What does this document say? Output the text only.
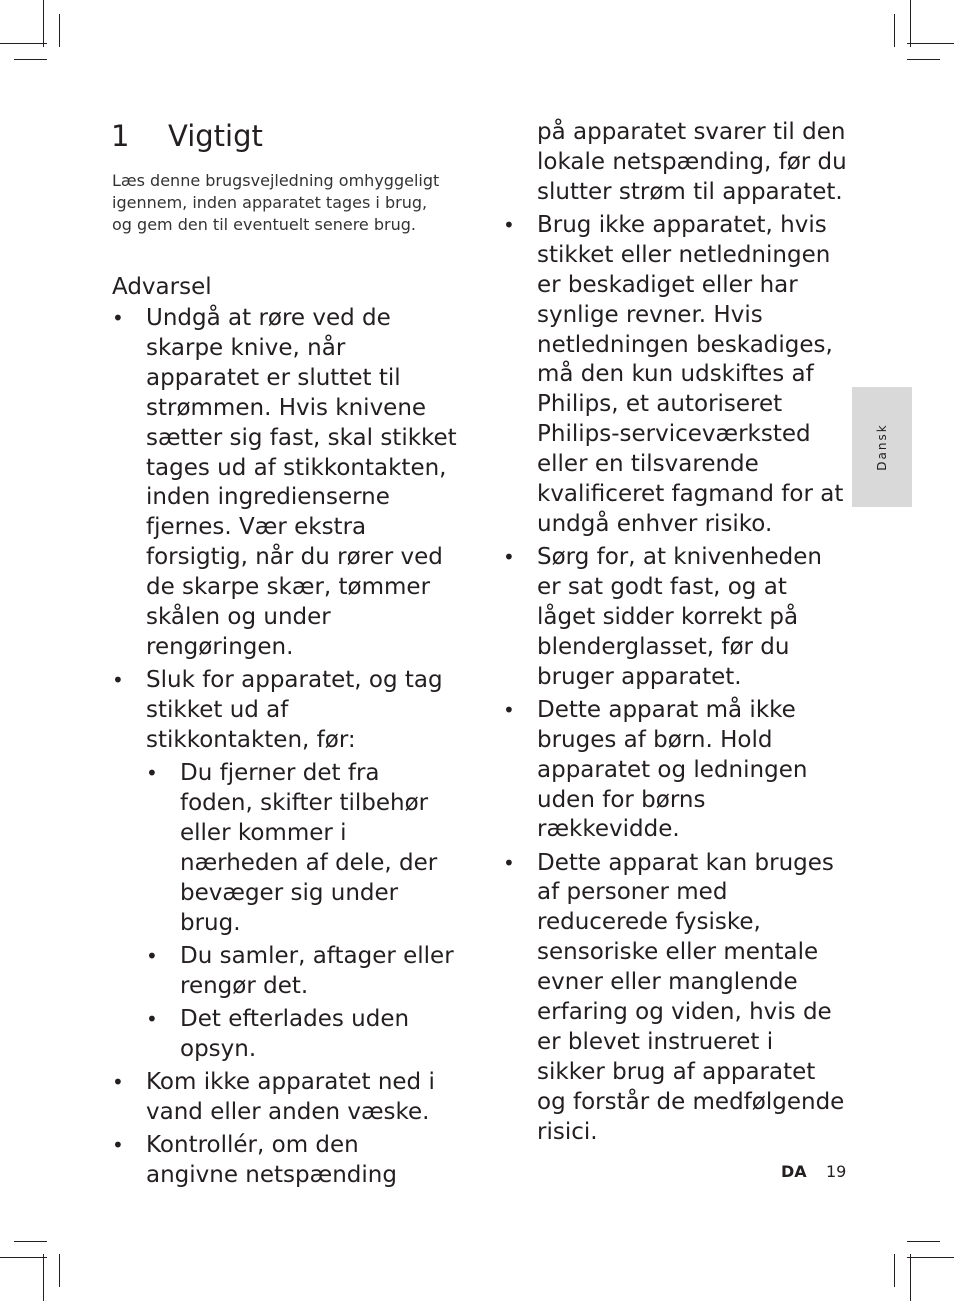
1 Vigtigt
Læs denne brugsvejledning omhyggeligt igennem, inden apparatet tages i brug, og gem den til eventuelt senere brug.
Advarsel
• Undgå at røre ved de skarpe knive, når apparatet er sluttet til strømmen. Hvis knivene sætter sig fast, skal stikket tages ud af stikkontakten, inden ingredienserne fjernes. Vær ekstra forsigtig, når du rører ved de skarpe skær, tømmer skålen og under rengøringen.
• Sluk for apparatet, og tag stikket ud af stikkontakten, før:
• Du fjerner det fra foden, skifter tilbehør eller kommer i nærheden af dele, der bevæger sig under brug.
• Du samler, aftager eller rengør det.
• Det efterlades uden opsyn.
• Kom ikke apparatet ned i vand eller anden væske.
• Kontrollér, om den angivne netspænding
på apparatet svarer til den lokale netspænding, før du slutter strøm til apparatet.
• Brug ikke apparatet, hvis stikket eller netledningen er beskadiget eller har synlige revner. Hvis netledningen beskadiges, må den kun udskiftes af Philips, et autoriseret Philips-serviceværksted eller en tilsvarende kvalificeret fagmand for at undgå enhver risiko.
• Sørg for, at knivenheden er sat godt fast, og at låget sidder korrekt på blenderglasset, før du bruger apparatet.
• Dette apparat må ikke bruges af børn. Hold apparatet og ledningen uden for børns rækkevidde.
• Dette apparat kan bruges af personer med reducerede fysiske, sensoriske eller mentale evner eller manglende erfaring og viden, hvis de er blevet instrueret i sikker brug af apparatet og forstår de medfølgende risici.
Dansk
DA 19
